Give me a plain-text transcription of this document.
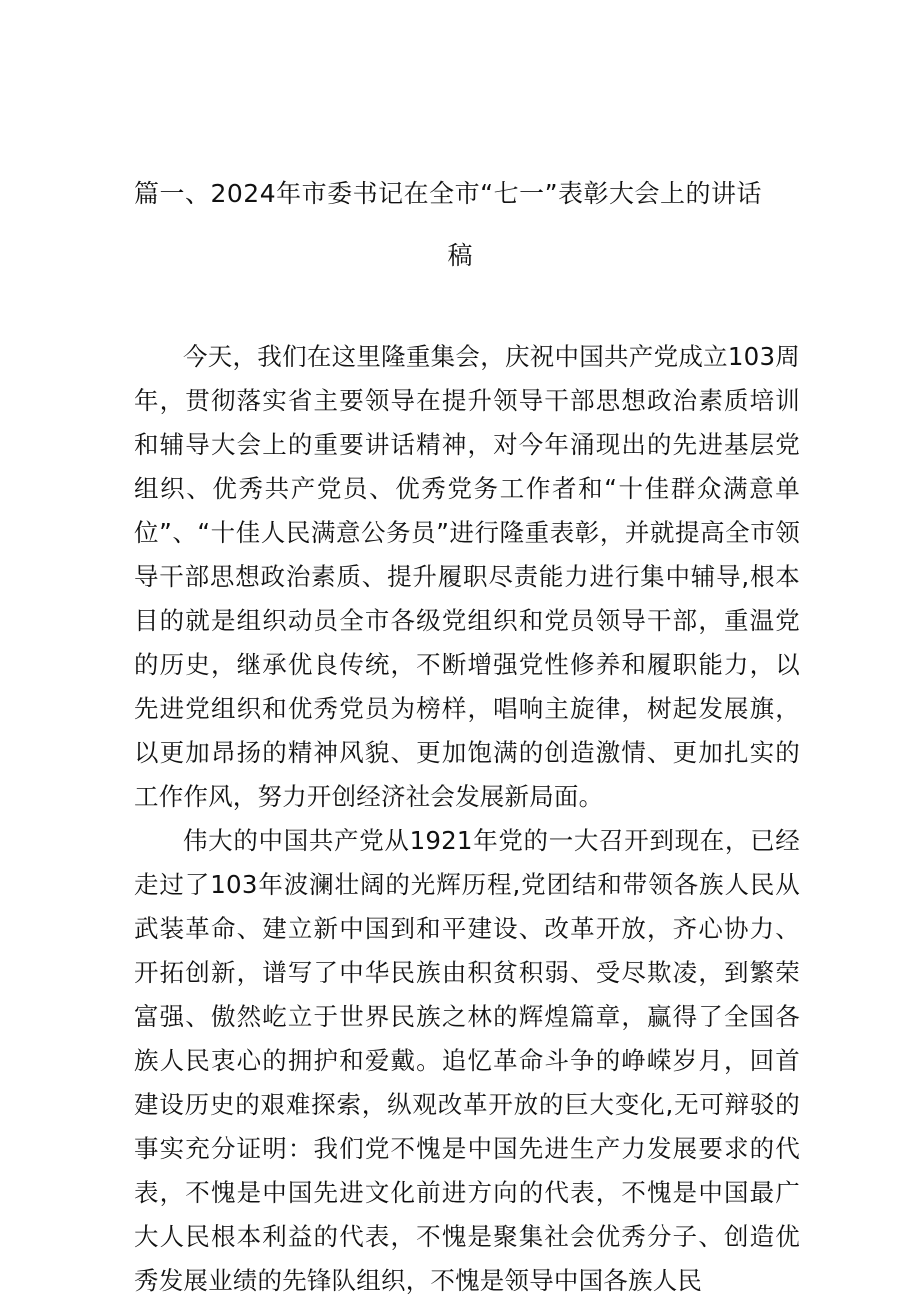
篇一、2024年市委书记在全市“七一”表彰大会上的讲话
稿

今天，我们在这里隆重集会，庆祝中国共产党成立103周年，贯彻落实省主要领导在提升领导干部思想政治素质培训和辅导大会上的重要讲话精神，对今年涌现出的先进基层党组织、优秀共产党员、优秀党务工作者和“十佳群众满意单位”、“十佳人民满意公务员”进行隆重表彰，并就提高全市领导干部思想政治素质、提升履职尽责能力进行集中辅导,根本目的就是组织动员全市各级党组织和党员领导干部，重温党的历史，继承优良传统，不断增强党性修养和履职能力，以先进党组织和优秀党员为榜样，唱响主旋律，树起发展旗，以更加昂扬的精神风貌、更加饱满的创造激情、更加扎实的工作作风，努力开创经济社会发展新局面。

伟大的中国共产党从1921年党的一大召开到现在，已经走过了103年波澜壮阔的光辉历程,党团结和带领各族人民从武装革命、建立新中国到和平建设、改革开放，齐心协力、开拓创新，谱写了中华民族由积贫积弱、受尽欺凌，到繁荣富强、傲然屹立于世界民族之林的辉煌篇章，赢得了全国各族人民衷心的拥护和爱戴。追忆革命斗争的峥嵘岁月，回首建设历史的艰难探索，纵观改革开放的巨大变化,无可辩驳的事实充分证明：我们党不愧是中国先进生产力发展要求的代表，不愧是中国先进文化前进方向的代表，不愧是中国最广大人民根本利益的代表，不愧是聚集社会优秀分子、创造优秀发展业绩的先锋队组织，不愧是领导中国各族人民
